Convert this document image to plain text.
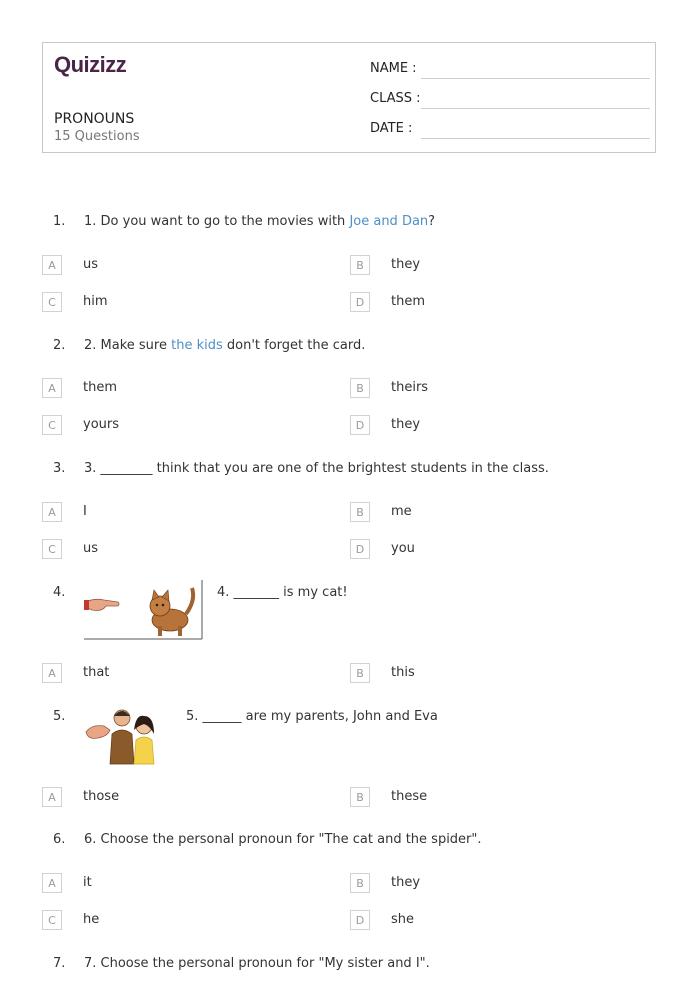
Quizizz
PRONOUNS
15 Questions
NAME :
CLASS :
DATE :
1. 1. Do you want to go to the movies with Joe and Dan?
A	us	B	they
C	him	D	them
2. 2. Make sure the kids don't forget the card.
A	them	B	theirs
C	yours	D	they
3. 3. ________ think that you are one of the brightest students in the class.
A	I	B	me
C	us	D	you
4.	4. _______ is my cat!
A	that	B	this
5.	5. ______ are my parents, John and Eva
A	those	B	these
6. 6. Choose the personal pronoun for "The cat and the spider".
A	it	B	they
C	he	D	she
7. 7. Choose the personal pronoun for "My sister and I".
